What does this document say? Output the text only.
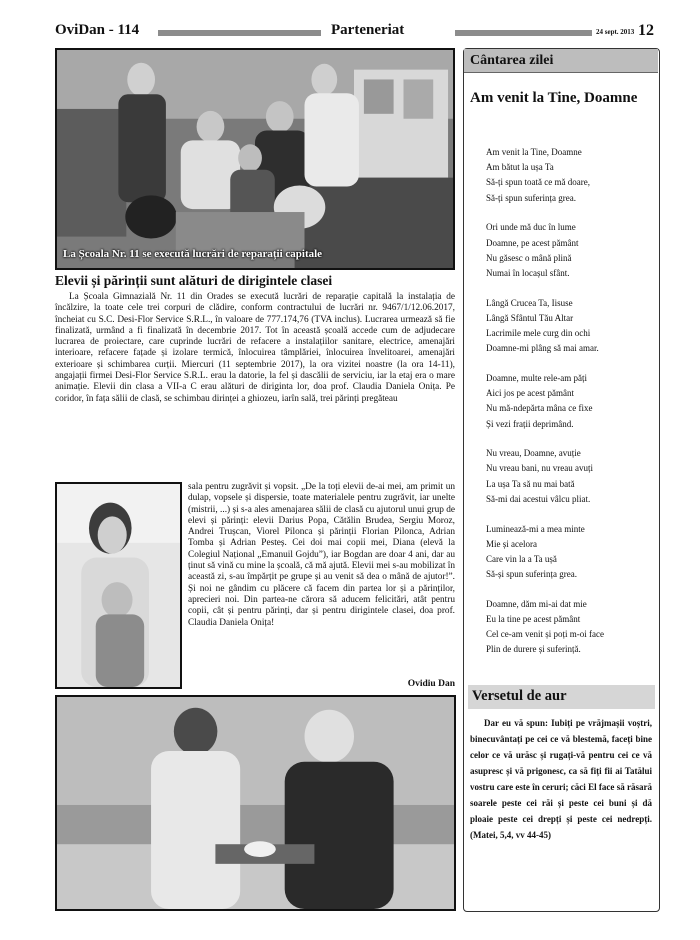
OviDan - 114	Parteneriat	24 sept. 2013 12
La Școala Nr. 11 se execută lucrări de reparații capitale
Elevii și părinții sunt alături de dirigintele clasei
La Școala Gimnazială Nr. 11 din Orades se execută lucrări de reparație capitală la instalația de încălzire, la toate cele trei corpuri de clădire, conform contractului de lucrări nr. 9467/1/12.06.2017, încheiat cu S.C. Desi-Flor Service S.R.L., în valoare de 777.174,76 (TVA inclus). Lucrarea urmează să fie finalizată, urmând a fi finalizată în decembrie 2017. Tot în această școală accede cum de adjudecare lucrarea de proiectare, care cuprinde lucrări de refacere a instalațiilor sanitare, electrice, amenajări interioare, refacere fațade și izolare termică, înlocuirea tâmplăriei, înlocuirea învelitoarei, amenajări exterioare și schimbarea curții. Miercuri (11 septembrie 2017), la ora vizitei noastre (la ora 14-11), angajații firmei Desi-Flor Service S.R.L. erau la datorie, la fel și dascălii de serviciu, iar la etaj era o mare animație. Elevii din clasa a VII-a C erau alături de diriginta lor, doa prof. Claudia Daniela Onița. Pe coridor, în fața sălii de clasă, se schimbau dirinței a ghiozeu, iarîn sală, trei părinți pregăteau
sala pentru zugrăvit și vopsit. „De la toți elevii de-ai mei, am primit un dulap, vopsele și dispersie, toate materialele pentru zugrăvit, iar unelte (mistrii, ...) și s-a ales amenajarea sălii de clasă cu ajutorul unui grup de elevi și părinți: elevii Darius Popa, Cătălin Brudea, Sergiu Moroz, Andrei Trușcan, Viorel Pilonca și părinții Florian Pilonca, Adrian Tomba și Adrian Pesteș. Cei doi mai copii mei, Diana (elevă la Colegiul Național „Emanuil Gojdu”), iar Bogdan are doar 4 ani, dar au ținut să vină cu mine la școală, că mă ajută. Elevii mei s-au mobilizat în această zi, s-au împărțit pe grupe și au venit să dea o mână de ajutor!”. Și noi ne gândim cu plăcere că facem din partea lor și a părinților, aprecieri noi. Din partea-ne cărora să aducem felicitări, atât pentru copii, cât și pentru părinți, dar și pentru dirigintele clasei, doa prof. Claudia Daniela Onița!
Ovidiu Dan
Cântarea zilei
Am venit la Tine, Doamne
Am venit la Tine, Doamne
Am bătut la ușa Ta
Să-ți spun toată ce mă doare,
Să-ți spun suferința grea.
Ori unde mă duc în lume
Doamne, pe acest pământ
Nu găsesc o mână plină
Numai în locașul sfânt.
Lângă Crucea Ta, Iisuse
Lângă Sfântul Tău Altar
Lacrimile mele curg din ochi
Doamne-mi plâng să mai amar.
Doamne, multe rele-am păți
Aici jos pe acest pământ
Nu mă-ndepărta mâna ce fixe
Și vezi frații deprimând.
Nu vreau, Doamne, avuție
Nu vreau bani, nu vreau avuți
La ușa Ta să nu mai bată
Să-mi dai acestui vâlcu pliat.
Luminează-mi a mea minte
Mie și acelora
Care vin la a Ta ușă
Să-și spun suferința grea.
Doamne, dăm mi-ai dat mie
Eu la tine pe acest pământ
Cel ce-am venit și poți m-oi face
Plin de durere și suferință.
Versetul de aur
Dar eu vă spun: Iubiți pe vrăjmașii voștri, binecuvântați pe cei ce vă blestemă, faceți bine celor ce vă urăsc și rugați-vă pentru cei ce vă asupresc și vă prigonesc, ca să fiți fii ai Tatălui vostru care este în ceruri; căci El face să răsară soarele peste cei răi și peste cei buni și dă ploaie peste cei drepți și peste cei nedrepți. (Matei, 5,4, vv 44-45)
